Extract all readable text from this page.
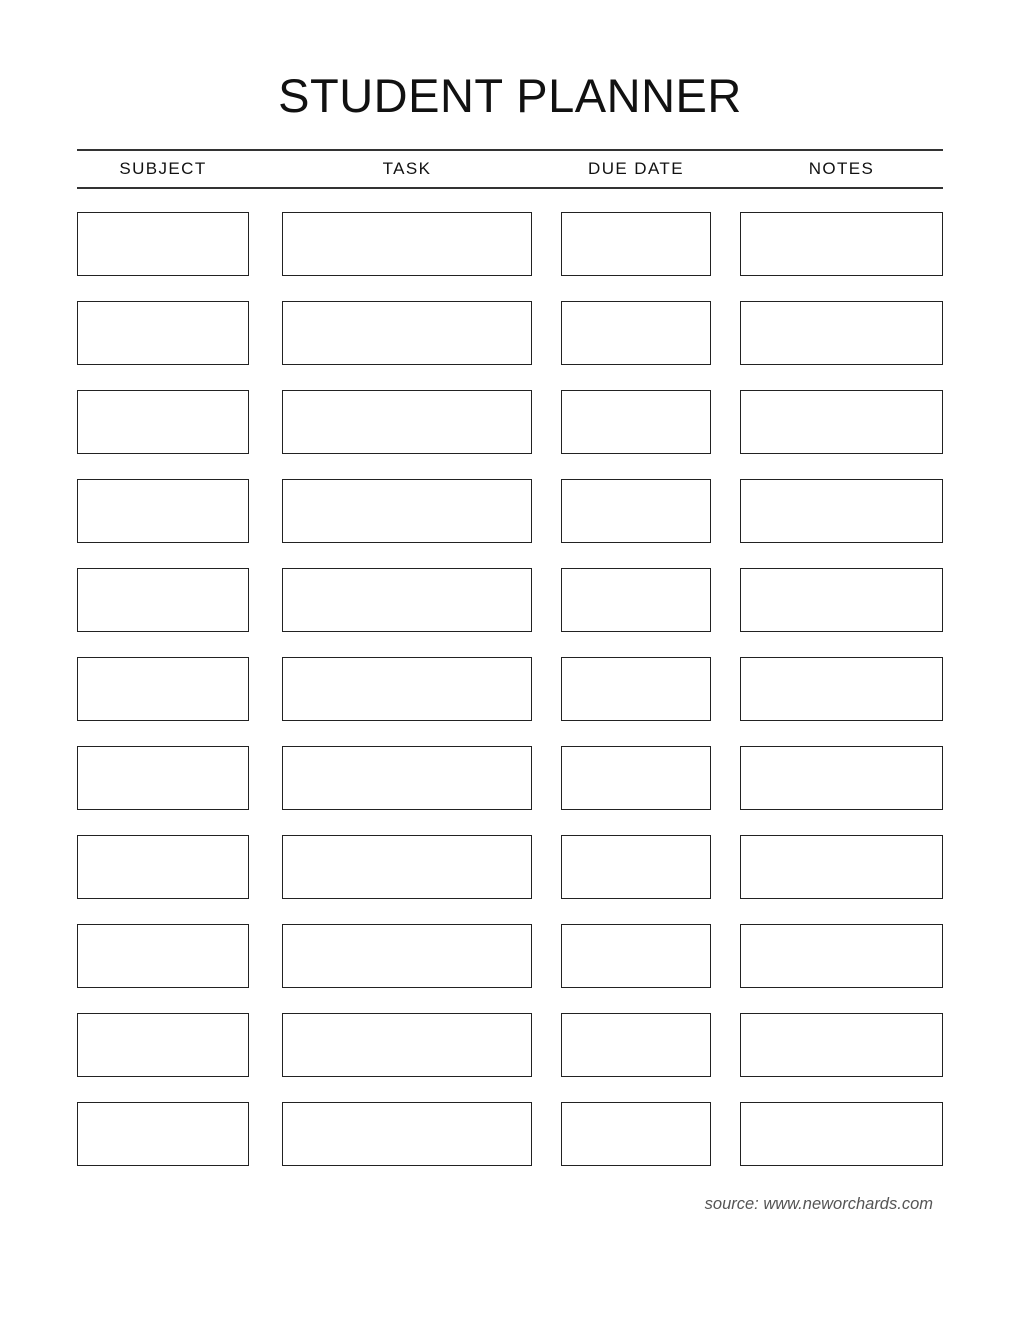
STUDENT PLANNER
SUBJECT	TASK	DUE DATE	NOTES
source: www.neworchards.com
